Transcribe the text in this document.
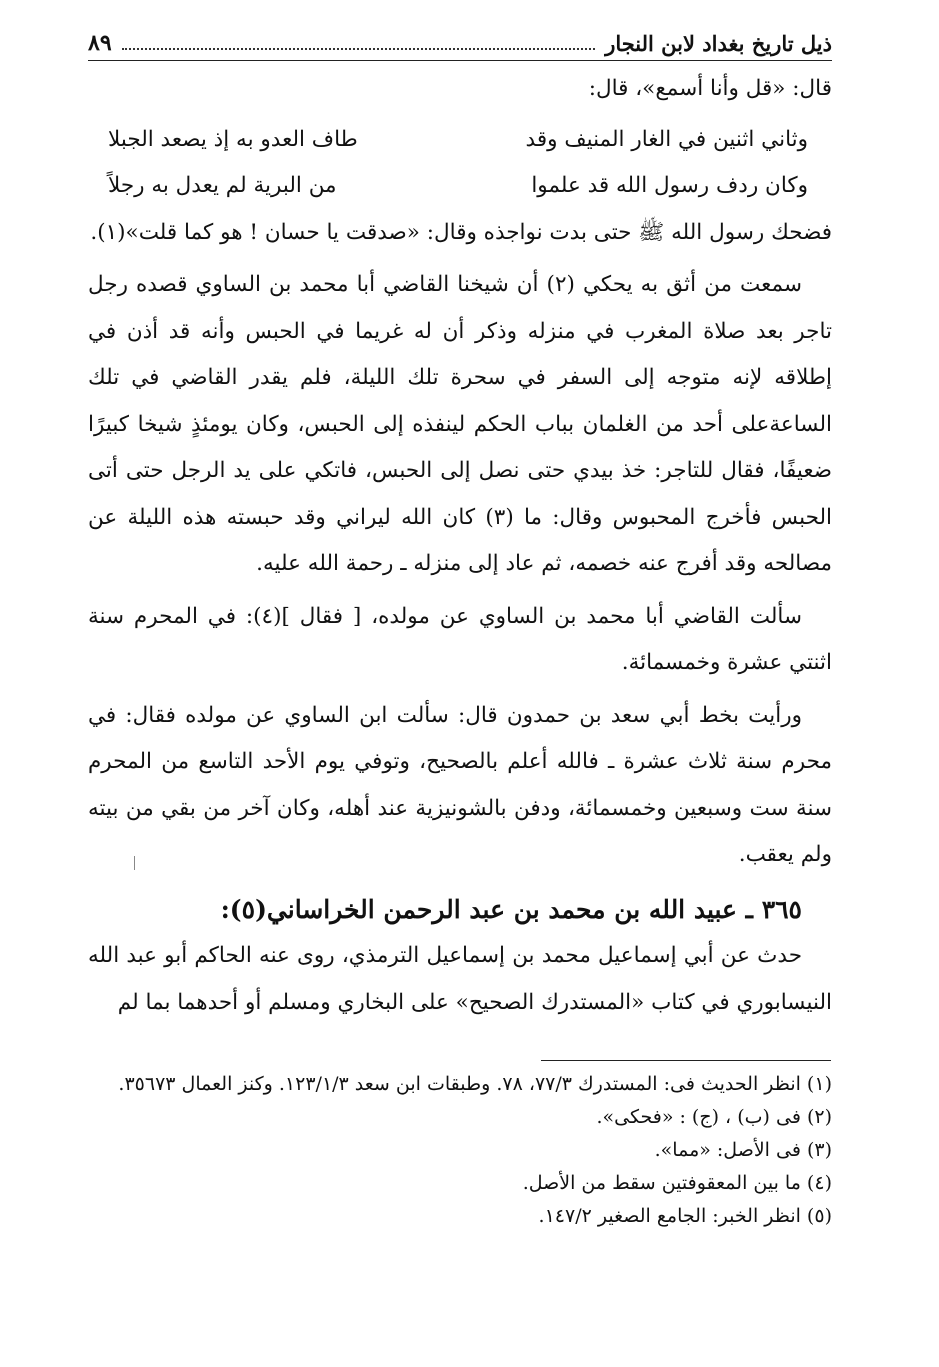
ذيل تاريخ بغداد لابن النجار
٨٩

قال: «قل وأنا أسمع»، قال:

وثاني اثنين في الغار المنيف وقد
طاف العدو به إذ يصعد الجبلا
وكان ردف رسول الله قد علموا
من البرية لم يعدل به رجلاً

فضحك رسول الله ﷺ حتى بدت نواجذه وقال: «صدقت يا حسان ! هو كما قلت»(١).

سمعت من أثق به يحكي (٢) أن شيخنا القاضي أبا محمد بن الساوي قصده رجل تاجر بعد صلاة المغرب في منزله وذكر أن له غريما في الحبس وأنه قد أذن في إطلاقه لإنه متوجه إلى السفر في سحرة تلك الليلة، فلم يقدر القاضي في تلك الساعةعلى أحد من الغلمان بباب الحكم لينفذه إلى الحبس، وكان يومئذٍ شيخا كبيرًا ضعيفًا، فقال للتاجر: خذ بيدي حتى نصل إلى الحبس، فاتكي على يد الرجل حتى أتى الحبس فأخرج المحبوس وقال: ما (٣) كان الله ليراني وقد حبسته هذه الليلة عن مصالحه وقد أفرج عنه خصمه، ثم عاد إلى منزله ـ رحمة الله عليه.

سألت القاضي أبا محمد بن الساوي عن مولده، [ فقال ](٤): في المحرم سنة اثنتي عشرة وخمسمائة.

ورأيت بخط أبي سعد بن حمدون قال: سألت ابن الساوي عن مولده فقال: في محرم سنة ثلاث عشرة ـ فالله أعلم بالصحيح، وتوفي يوم الأحد التاسع من المحرم سنة ست وسبعين وخمسمائة، ودفن بالشونيزية عند أهله، وكان آخر من بقي من بيته ولم يعقب.

٣٦٥ ـ عبيد الله بن محمد بن عبد الرحمن الخراساني(٥):

حدث عن أبي إسماعيل محمد بن إسماعيل الترمذي، روى عنه الحاكم أبو عبد الله النيسابوري في كتاب «المستدرك الصحيح» على البخاري ومسلم أو أحدهما بما لم

(١) انظر الحديث فى: المستدرك ٧٧/٣، ٧٨. وطبقات ابن سعد ١٢٣/١/٣. وكنز العمال ٣٥٦٧٣.

(٢) فى (ب) ، (ج) : «فحكى».

(٣) فى الأصل: «مما».

(٤) ما بين المعقوفتين سقط من الأصل.

(٥) انظر الخبر: الجامع الصغير ١٤٧/٢.
